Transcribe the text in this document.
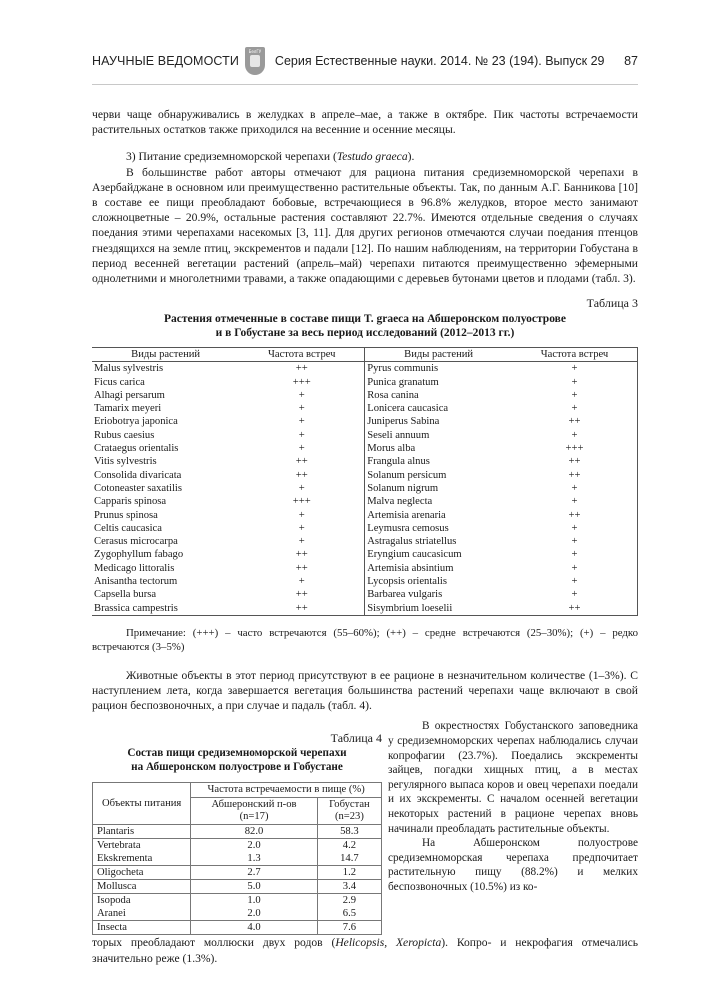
НАУЧНЫЕ ВЕДОМОСТИ
БелГУ
Серия Естественные науки. 2014. № 23 (194). Выпуск 29	87

черви чаще обнаруживались в желудках в апреле–мае, а также в октябре. Пик частоты встречаемости растительных остатков также приходился на весенние и осенние месяцы.

3) Питание средиземноморской черепахи (Testudo graeca).

В большинстве работ авторы отмечают для рациона питания средиземноморской черепахи в Азербайджане в основном или преимущественно растительные объекты. Так, по данным А.Г. Банникова [10] в составе ее пищи преобладают бобовые, встречающиеся в 96.8% желудков, второе место занимают сложноцветные – 20.9%, остальные растения составляют 22.7%. Имеются отдельные сведения о случаях поедания этими черепахами насекомых [3, 11]. Для других регионов отмечаются случаи поедания птенцов гнездящихся на земле птиц, экскрементов и падали [12]. По нашим наблюдениям, на территории Гобустана в период весенней вегетации растений (апрель–май) черепахи питаются преимущественно эфемерными однолетними и многолетними травами, а также опадающими с деревьев бутонами цветов и плодами (табл. 3).

Таблица 3
Растения отмеченные в составе пищи T. graeca на Абшеронском полуострове
и в Гобустане за весь период исследований (2012–2013 гг.)
Виды растений	Частота встреч	Виды растений	Частота встреч
Malus sylvestris	++	Pyrus communis	+
Ficus carica	+++	Punica granatum	+
Alhagi persarum	+	Rosa canina	+
Tamarix meyeri	+	Lonicera caucasica	+
Eriobotrya japonica	+	Juniperus Sabina	++
Rubus caesius	+	Seseli annuum	+
Crataegus orientalis	+	Morus alba	+++
Vitis sylvestris	++	Frangula alnus	++
Consolida divaricata	++	Solanum persicum	++
Cotoneaster saxatilis	+	Solanum nigrum	+
Capparis spinosa	+++	Malva neglecta	+
Prunus spinosa	+	Artemisia arenaria	++
Celtis caucasica	+	Leymusra cemosus	+
Cerasus microcarpa	+	Astragalus striatellus	+
Zygophyllum fabago	++	Eryngium caucasicum	+
Medicago littoralis	++	Artemisia absintium	+
Anisantha tectorum	+	Lycopsis orientalis	+
Capsella bursa	++	Barbarea vulgaris	+
Brassica campestris	++	Sisymbrium loeselii	++

Примечание: (+++) – часто встречаются (55–60%); (++) – средне встречаются (25–30%); (+) – редко встречаются (3–5%)

Животные объекты в этот период присутствуют в ее рационе в незначительном количестве (1–3%). С наступлением лета, когда завершается вегетация большинства растений черепахи чаще включают в свой рацион беспозвоночных, а при случае и падаль (табл. 4).

Таблица 4
Состав пищи средиземноморской черепахи
на Абшеронском полуострове и Гобустане
Объекты питания	Частота встречаемости в пище (%)	

Абшеронский п-ов
(n=17)

Гобустан
(n=23)

Plantaris	82.0	58.3
Vertebrata	2.0	4.2
Ekskrementa	1.3	14.7
Oligocheta	2.7	1.2
Mollusca	5.0	3.4
Isopoda	1.0	2.9
Aranei	2.0	6.5
Insecta	4.0	7.6

В окрестностях Гобустанского заповедника у средиземноморских черепах наблюдались случаи копрофагии (23.7%). Поедались экскременты зайцев, погадки хищных птиц, а в местах регулярного выпаса коров и овец черепахи поедали и их экскременты. С началом осенней вегетации некоторых растений в рационе черепах вновь начинали преобладать растительные объекты.

На Абшеронском полуострове средиземноморская черепаха предпочитает растительную пищу (88.2%) и мелких беспозвоночных (10.5%) из ко-

торых преобладают моллюски двух родов (Helicopsis, Xeropicta). Копро- и некрофагия отмечались значительно реже (1.3%).
